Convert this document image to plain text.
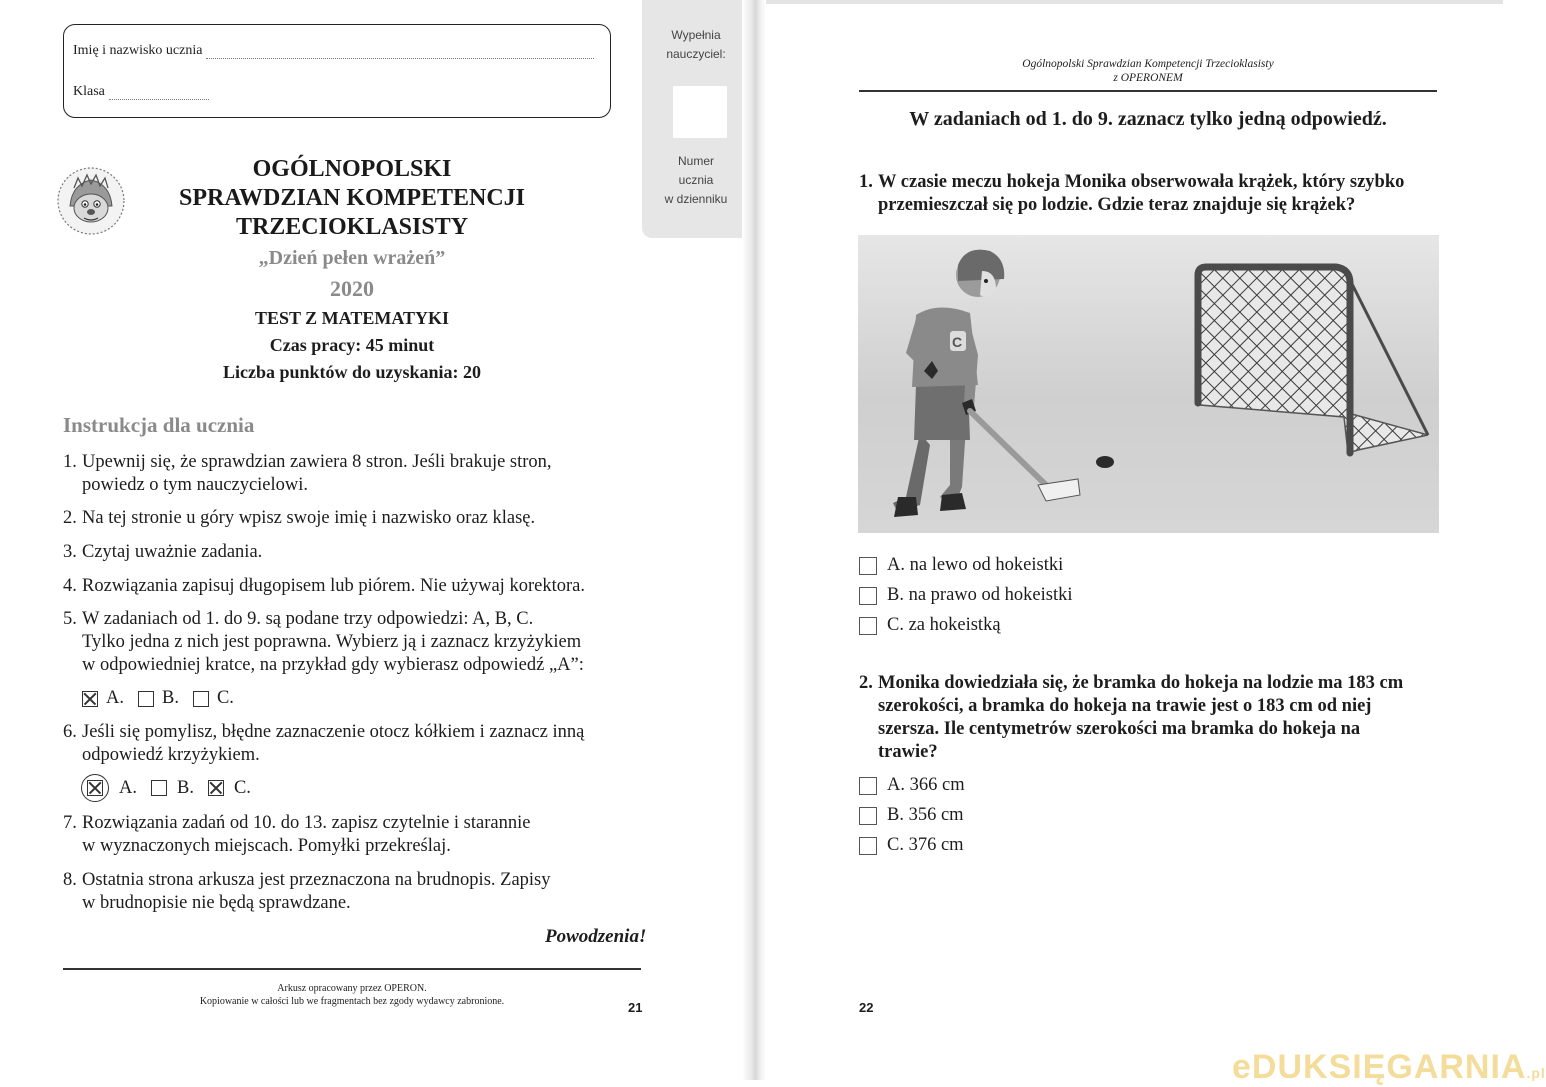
Imię i nazwisko ucznia
Klasa
Wypełnia
nauczyciel:
Numer
ucznia
w dzienniku
OGÓLNOPOLSKI
SPRAWDZIAN KOMPETENCJI
TRZECIOKLASISTY
„Dzień pełen wrażeń”
2020
TEST Z MATEMATYKI
Czas pracy: 45 minut
Liczba punktów do uzyskania: 20
Instrukcja dla ucznia
1. Upewnij się, że sprawdzian zawiera 8 stron. Jeśli brakuje stron,
powiedz o tym nauczycielowi.
2. Na tej stronie u góry wpisz swoje imię i nazwisko oraz klasę.
3. Czytaj uważnie zadania.
4. Rozwiązania zapisuj długopisem lub piórem. Nie używaj korektora.
5. W zadaniach od 1. do 9. są podane trzy odpowiedzi: A, B, C.
Tylko jedna z nich jest poprawna. Wybierz ją i zaznacz krzyżykiem
w odpowiedniej kratce, na przykład gdy wybierasz odpowiedź „A”:
A. B. C.
6. Jeśli się pomylisz, błędne zaznaczenie otocz kółkiem i zaznacz inną
odpowiedź krzyżykiem.
A. B. C.
7. Rozwiązania zadań od 10. do 13. zapisz czytelnie i starannie
w wyznaczonych miejscach. Pomyłki przekreślaj.
8. Ostatnia strona arkusza jest przeznaczona na brudnopis. Zapisy
w brudnopisie nie będą sprawdzane.
Powodzenia!
Arkusz opracowany przez OPERON.
Kopiowanie w całości lub we fragmentach bez zgody wydawcy zabronione.	21
Ogólnopolski Sprawdzian Kompetencji Trzecioklasisty
z OPERONEM
W zadaniach od 1. do 9. zaznacz tylko jedną odpowiedź.
1. W czasie meczu hokeja Monika obserwowała krążek, który szybko
przemieszczał się po lodzie. Gdzie teraz znajduje się krążek?
C
A. na lewo od hokeistki
B. na prawo od hokeistki
C. za hokeistką
2. Monika dowiedziała się, że bramka do hokeja na lodzie ma 183 cm
szerokości, a bramka do hokeja na trawie jest o 183 cm od niej
szersza. Ile centymetrów szerokości ma bramka do hokeja na
trawie?
A. 366 cm
B. 356 cm
C. 376 cm
22
eDUKSIĘGARNIA.pl
